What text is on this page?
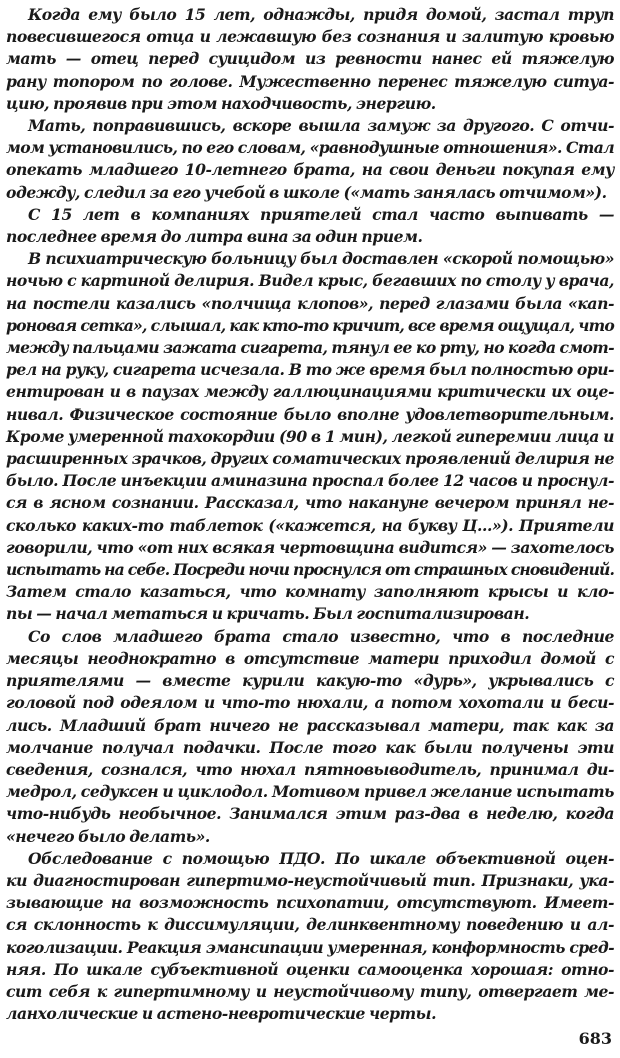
Когда ему было 15 лет, однажды, придя домой, застал труп
повесившегося отца и лежавшую без сознания и залитую кровью
мать — отец перед суицидом из ревности нанес ей тяжелую
рану топором по голове. Мужественно перенес тяжелую ситуа-
цию, проявив при этом находчивость, энергию.
Мать, поправившись, вскоре вышла замуж за другого. С отчи-
мом установились, по его словам, «равнодушные отношения». Стал
опекать младшего 10-летнего брата, на свои деньги покупая ему
одежду, следил за его учебой в школе («мать занялась отчимом»).
С 15 лет в компаниях приятелей стал часто выпивать —
последнее время до литра вина за один прием.
В психиатрическую больницу был доставлен «скорой помощью»
ночью с картиной делирия. Видел крыс, бегавших по столу у врача,
на постели казались «полчища клопов», перед глазами была «кап-
роновая сетка», слышал, как кто-то кричит, все время ощущал, что
между пальцами зажата сигарета, тянул ее ко рту, но когда смот-
рел на руку, сигарета исчезала. В то же время был полностью ори-
ентирован и в паузах между галлюцинациями критически их оце-
нивал. Физическое состояние было вполне удовлетворительным.
Кроме умеренной тахокордии (90 в 1 мин), легкой гиперемии лица и
расширенных зрачков, других соматических проявлений делирия не
было. После инъекции аминазина проспал более 12 часов и проснул-
ся в ясном сознании. Рассказал, что накануне вечером принял не-
сколько каких-то таблеток («кажется, на букву Ц...»). Приятели
говорили, что «от них всякая чертовщина видится» — захотелось
испытать на себе. Посреди ночи проснулся от страшных сновидений.
Затем стало казаться, что комнату заполняют крысы и кло-
пы — начал метаться и кричать. Был госпитализирован.
Со слов младшего брата стало известно, что в последние
месяцы неоднократно в отсутствие матери приходил домой с
приятелями — вместе курили какую-то «дурь», укрывались с
головой под одеялом и что-то нюхали, а потом хохотали и беси-
лись. Младший брат ничего не рассказывал матери, так как за
молчание получал подачки. После того как были получены эти
сведения, сознался, что нюхал пятновыводитель, принимал ди-
медрол, седуксен и циклодол. Мотивом привел желание испытать
что-нибудь необычное. Занимался этим раз-два в неделю, когда
«нечего было делать».
Обследование с помощью ПДО. По шкале объективной оцен-
ки диагностирован гипертимо-неустойчивый тип. Признаки, ука-
зывающие на возможность психопатии, отсутствуют. Имеет-
ся склонность к диссимуляции, делинквентному поведению и ал-
коголизации. Реакция эмансипации умеренная, конформность сред-
няя. По шкале субъективной оценки самооценка хорошая: отно-
сит себя к гипертимному и неустойчивому типу, отвергает ме-
ланхолические и астено-невротические черты.
683
